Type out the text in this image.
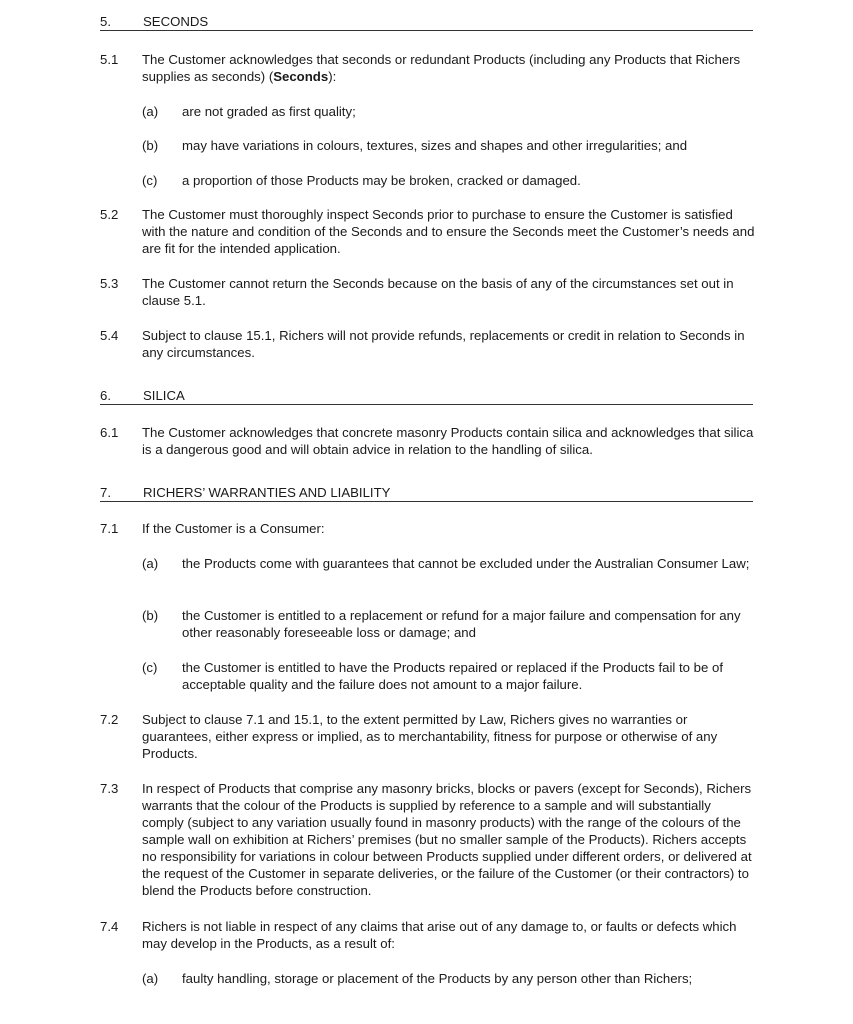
5. SECONDS
5.1 The Customer acknowledges that seconds or redundant Products (including any Products that Richers supplies as seconds) (Seconds):
(a) are not graded as first quality;
(b) may have variations in colours, textures, sizes and shapes and other irregularities; and
(c) a proportion of those Products may be broken, cracked or damaged.
5.2 The Customer must thoroughly inspect Seconds prior to purchase to ensure the Customer is satisfied with the nature and condition of the Seconds and to ensure the Seconds meet the Customer’s needs and are fit for the intended application.
5.3 The Customer cannot return the Seconds because on the basis of any of the circumstances set out in clause 5.1.
5.4 Subject to clause 15.1, Richers will not provide refunds, replacements or credit in relation to Seconds in any circumstances.
6. SILICA
6.1 The Customer acknowledges that concrete masonry Products contain silica and acknowledges that silica is a dangerous good and will obtain advice in relation to the handling of silica.
7. RICHERS’ WARRANTIES AND LIABILITY
7.1 If the Customer is a Consumer:
(a) the Products come with guarantees that cannot be excluded under the Australian Consumer Law;
(b) the Customer is entitled to a replacement or refund for a major failure and compensation for any other reasonably foreseeable loss or damage; and
(c) the Customer is entitled to have the Products repaired or replaced if the Products fail to be of acceptable quality and the failure does not amount to a major failure.
7.2 Subject to clause 7.1 and 15.1, to the extent permitted by Law, Richers gives no warranties or guarantees, either express or implied, as to merchantability, fitness for purpose or otherwise of any Products.
7.3 In respect of Products that comprise any masonry bricks, blocks or pavers (except for Seconds), Richers warrants that the colour of the Products is supplied by reference to a sample and will substantially comply (subject to any variation usually found in masonry products) with the range of the colours of the sample wall on exhibition at Richers’ premises (but no smaller sample of the Products). Richers accepts no responsibility for variations in colour between Products supplied under different orders, or delivered at the request of the Customer in separate deliveries, or the failure of the Customer (or their contractors) to blend the Products before construction.
7.4 Richers is not liable in respect of any claims that arise out of any damage to, or faults or defects which may develop in the Products, as a result of:
(a) faulty handling, storage or placement of the Products by any person other than Richers;
